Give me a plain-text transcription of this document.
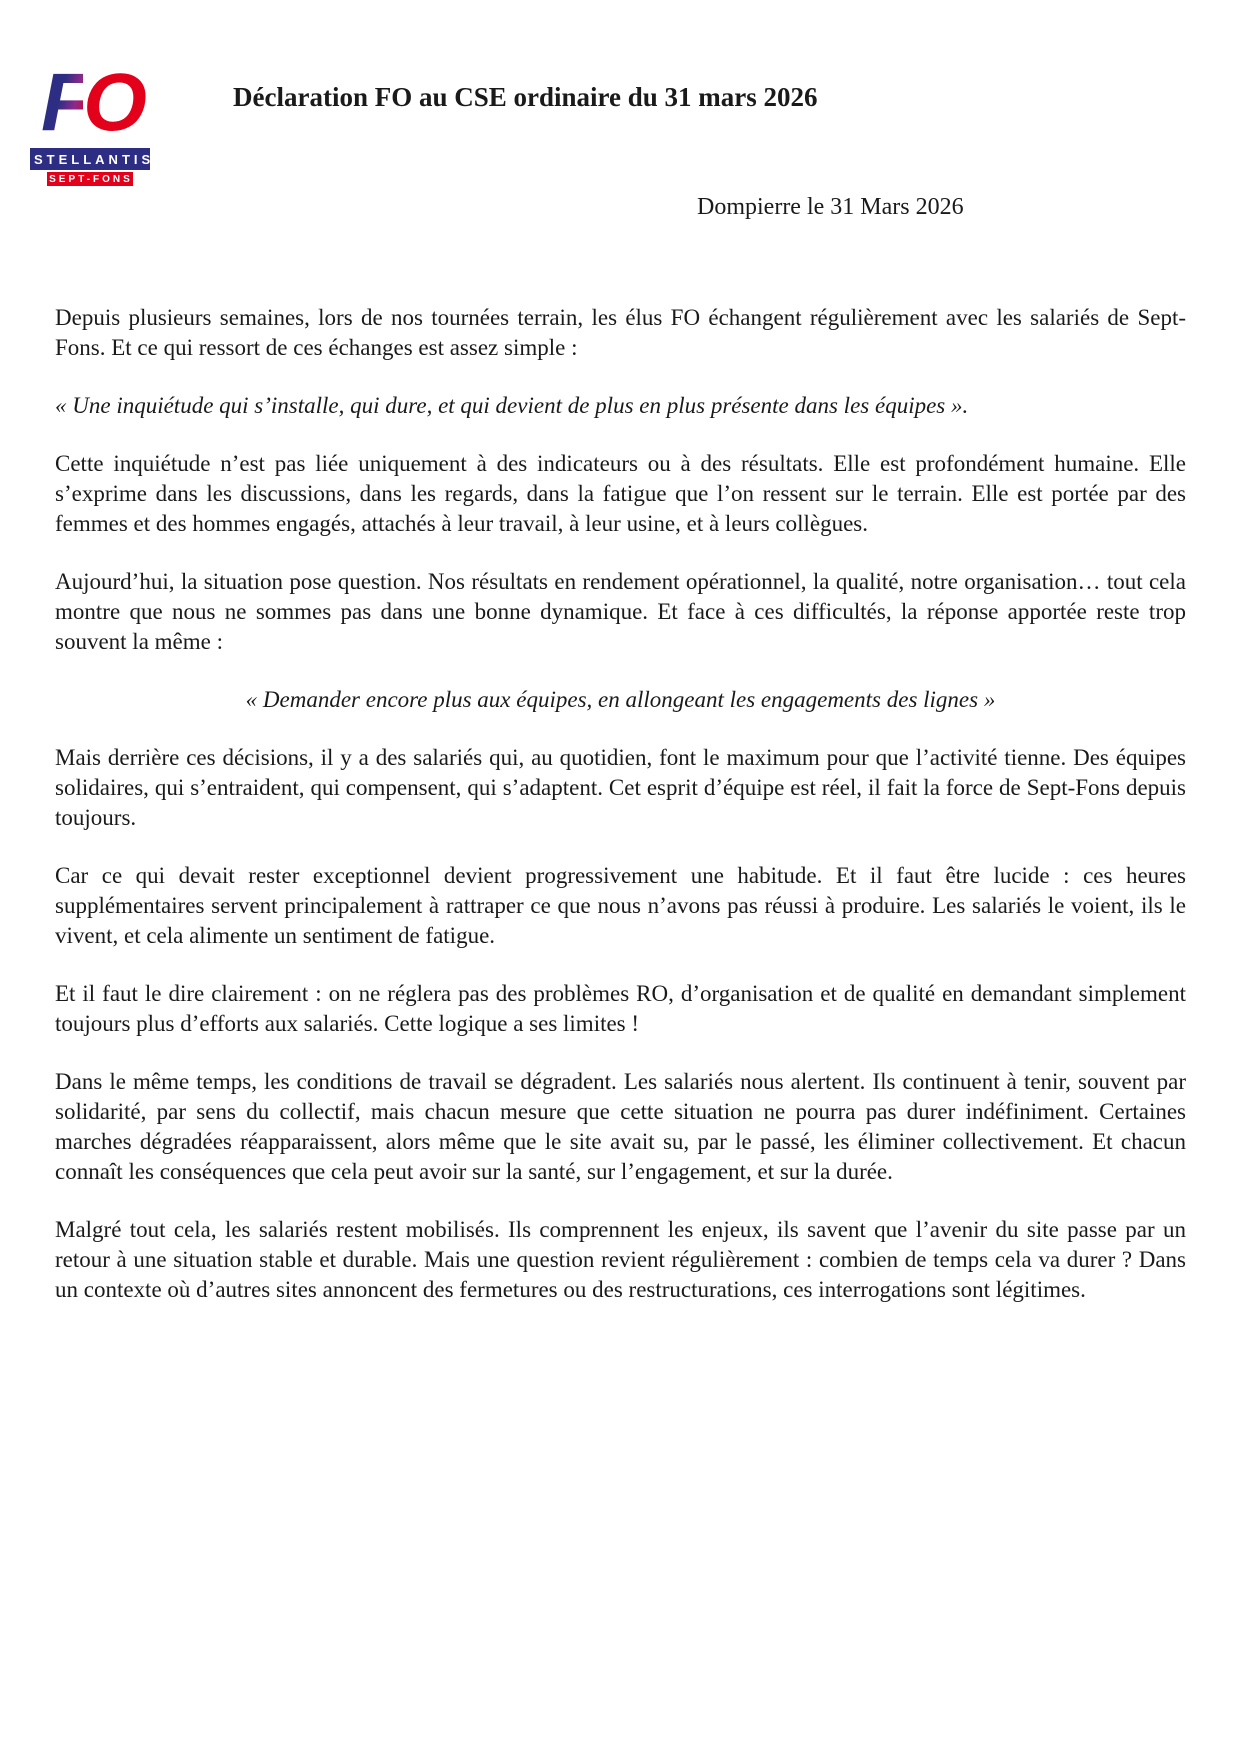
FO
STELLANTIS
SEPT-FONS
Déclaration FO au CSE ordinaire du 31 mars 2026
Dompierre le 31 Mars 2026

Depuis plusieurs semaines, lors de nos tournées terrain, les élus FO échangent régulièrement avec les salariés de Sept-Fons. Et ce qui ressort de ces échanges est assez simple :

« Une inquiétude qui s’installe, qui dure, et qui devient de plus en plus présente dans les équipes ».

Cette inquiétude n’est pas liée uniquement à des indicateurs ou à des résultats. Elle est profondément humaine. Elle s’exprime dans les discussions, dans les regards, dans la fatigue que l’on ressent sur le terrain. Elle est portée par des femmes et des hommes engagés, attachés à leur travail, à leur usine, et à leurs collègues.

Aujourd’hui, la situation pose question. Nos résultats en rendement opérationnel, la qualité, notre organisation… tout cela montre que nous ne sommes pas dans une bonne dynamique. Et face à ces difficultés, la réponse apportée reste trop souvent la même :

« Demander encore plus aux équipes, en allongeant les engagements des lignes »

Mais derrière ces décisions, il y a des salariés qui, au quotidien, font le maximum pour que l’activité tienne. Des équipes solidaires, qui s’entraident, qui compensent, qui s’adaptent. Cet esprit d’équipe est réel, il fait la force de Sept-Fons depuis toujours.

Car ce qui devait rester exceptionnel devient progressivement une habitude. Et il faut être lucide : ces heures supplémentaires servent principalement à rattraper ce que nous n’avons pas réussi à produire. Les salariés le voient, ils le vivent, et cela alimente un sentiment de fatigue.

Et il faut le dire clairement : on ne réglera pas des problèmes RO, d’organisation et de qualité en demandant simplement toujours plus d’efforts aux salariés. Cette logique a ses limites !

Dans le même temps, les conditions de travail se dégradent. Les salariés nous alertent. Ils continuent à tenir, souvent par solidarité, par sens du collectif, mais chacun mesure que cette situation ne pourra pas durer indéfiniment. Certaines marches dégradées réapparaissent, alors même que le site avait su, par le passé, les éliminer collectivement. Et chacun connaît les conséquences que cela peut avoir sur la santé, sur l’engagement, et sur la durée.

Malgré tout cela, les salariés restent mobilisés. Ils comprennent les enjeux, ils savent que l’avenir du site passe par un retour à une situation stable et durable. Mais une question revient régulièrement : combien de temps cela va durer ? Dans un contexte où d’autres sites annoncent des fermetures ou des restructurations, ces interrogations sont légitimes.
